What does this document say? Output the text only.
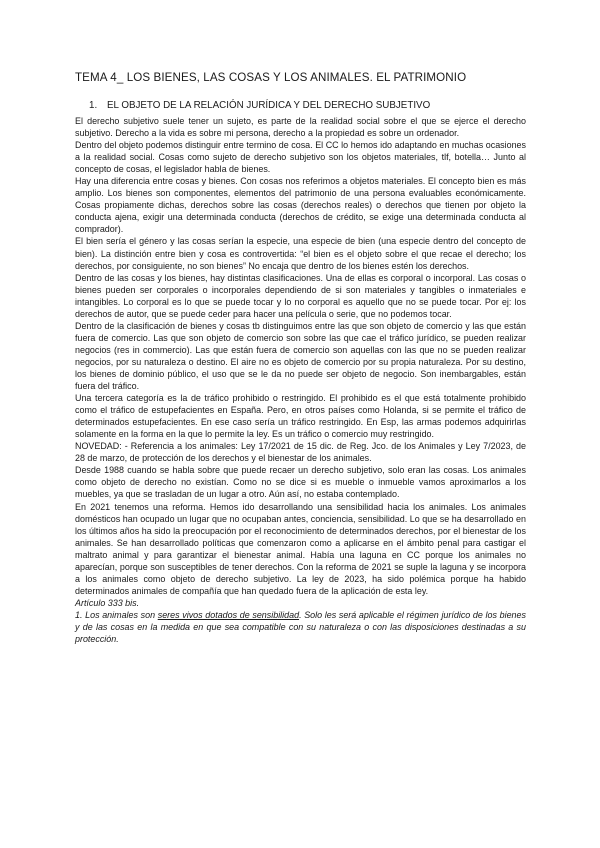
TEMA 4_ LOS BIENES, LAS COSAS Y LOS ANIMALES. EL PATRIMONIO
1. EL OBJETO DE LA RELACIÓN JURÍDICA Y DEL DERECHO SUBJETIVO

El derecho subjetivo suele tener un sujeto, es parte de la realidad social sobre el que se ejerce el derecho subjetivo. Derecho a la vida es sobre mi persona, derecho a la propiedad es sobre un ordenador.

Dentro del objeto podemos distinguir entre termino de cosa. El CC lo hemos ido adaptando en muchas ocasiones a la realidad social. Cosas como sujeto de derecho subjetivo son los objetos materiales, tlf, botella… Junto al concepto de cosas, el legislador habla de bienes.

Hay una diferencia entre cosas y bienes. Con cosas nos referimos a objetos materiales. El concepto bien es más amplio. Los bienes son componentes, elementos del patrimonio de una persona evaluables económicamente. Cosas propiamente dichas, derechos sobre las cosas (derechos reales) o derechos que tienen por objeto la conducta ajena, exigir una determinada conducta (derechos de crédito, se exige una determinada conducta al comprador).

El bien sería el género y las cosas serían la especie, una especie de bien (una especie dentro del concepto de bien). La distinción entre bien y cosa es controvertida: “el bien es el objeto sobre el que recae el derecho; los derechos, por consiguiente, no son bienes” No encaja que dentro de los bienes estén los derechos.

Dentro de las cosas y los bienes, hay distintas clasificaciones. Una de ellas es corporal o incorporal. Las cosas o bienes pueden ser corporales o incorporales dependiendo de si son materiales y tangibles o inmateriales e intangibles. Lo corporal es lo que se puede tocar y lo no corporal es aquello que no se puede tocar. Por ej: los derechos de autor, que se puede ceder para hacer una película o serie, que no podemos tocar.

Dentro de la clasificación de bienes y cosas tb distinguimos entre las que son objeto de comercio y las que están fuera de comercio. Las que son objeto de comercio son sobre las que cae el tráfico jurídico, se pueden realizar negocios (res in commercio). Las que están fuera de comercio son aquellas con las que no se pueden realizar negocios, por su naturaleza o destino. El aire no es objeto de comercio por su propia naturaleza. Por su destino, los bienes de dominio público, el uso que se le da no puede ser objeto de negocio. Son inembargables, están fuera del tráfico.

Una tercera categoría es la de tráfico prohibido o restringido. El prohibido es el que está totalmente prohibido como el tráfico de estupefacientes en España. Pero, en otros países como Holanda, si se permite el tráfico de determinados estupefacientes. En ese caso sería un tráfico restringido. En Esp, las armas podemos adquirirlas solamente en la forma en la que lo permite la ley. Es un tráfico o comercio muy restringido.

NOVEDAD: - Referencia a los animales: Ley 17/2021 de 15 dic. de Reg. Jco. de los Animales y Ley 7/2023, de 28 de marzo, de protección de los derechos y el bienestar de los animales.

Desde 1988 cuando se habla sobre que puede recaer un derecho subjetivo, solo eran las cosas. Los animales como objeto de derecho no existían. Como no se dice si es mueble o inmueble vamos aproximarlos a los muebles, ya que se trasladan de un lugar a otro. Aún así, no estaba contemplado.

En 2021 tenemos una reforma. Hemos ido desarrollando una sensibilidad hacia los animales. Los animales domésticos han ocupado un lugar que no ocupaban antes, conciencia, sensibilidad. Lo que se ha desarrollado en los últimos años ha sido la preocupación por el reconocimiento de determinados derechos, por el bienestar de los animales. Se han desarrollado políticas que comenzaron como a aplicarse en el ámbito penal para castigar el maltrato animal y para garantizar el bienestar animal. Había una laguna en CC porque los animales no aparecían, porque son susceptibles de tener derechos. Con la reforma de 2021 se suple la laguna y se incorpora a los animales como objeto de derecho subjetivo. La ley de 2023, ha sido polémica porque ha habido determinados animales de compañía que han quedado fuera de la aplicación de esta ley.

Artículo 333 bis.

1. Los animales son seres vivos dotados de sensibilidad. Solo les será aplicable el régimen jurídico de los bienes y de las cosas en la medida en que sea compatible con su naturaleza o con las disposiciones destinadas a su protección.
